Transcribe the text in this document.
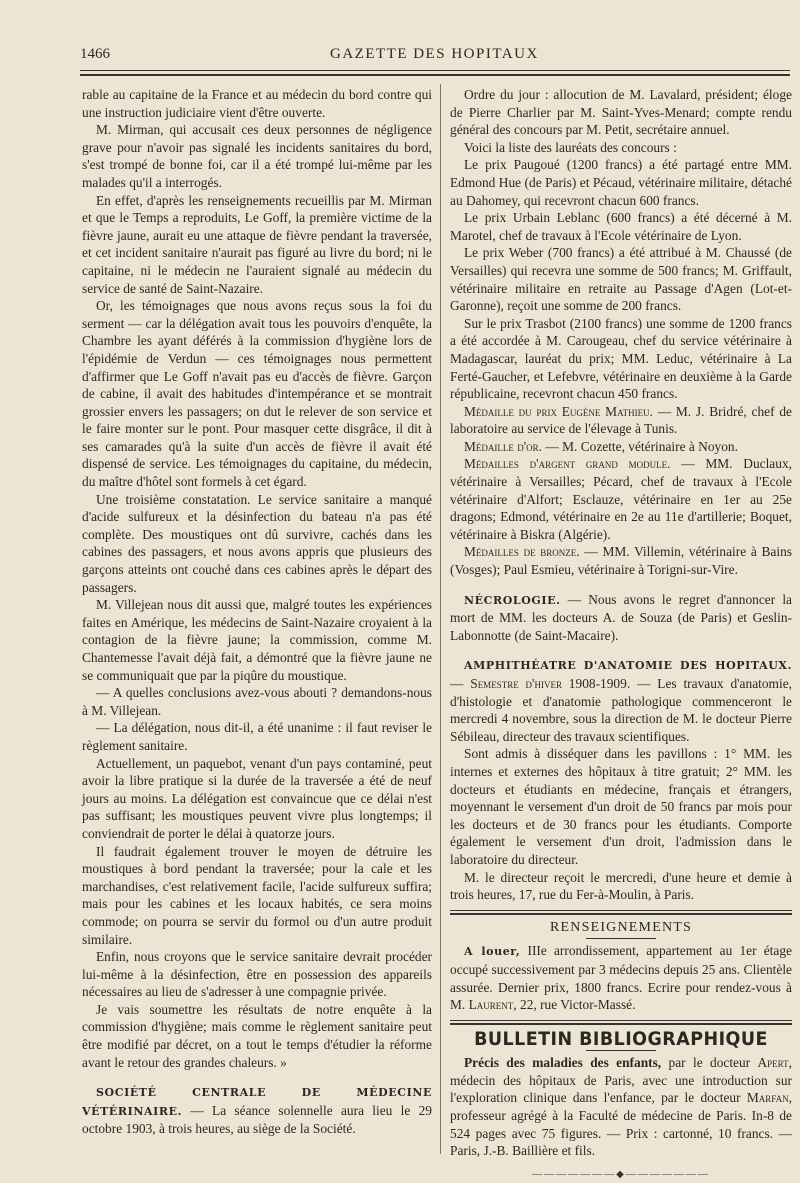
1466	GAZETTE DES HOPITAUX

rable au capitaine de la France et au médecin du bord contre qui une instruction judiciaire vient d'être ouverte.

M. Mirman, qui accusait ces deux personnes de négligence grave pour n'avoir pas signalé les incidents sanitaires du bord, s'est trompé de bonne foi, car il a été trompé lui-même par les malades qu'il a interrogés.

En effet, d'après les renseignements recueillis par M. Mirman et que le Temps a reproduits, Le Goff, la première victime de la fièvre jaune, aurait eu une attaque de fièvre pendant la traversée, et cet incident sanitaire n'aurait pas figuré au livre du bord; ni le capitaine, ni le médecin ne l'auraient signalé au médecin du service de santé de Saint-Nazaire.

Or, les témoignages que nous avons reçus sous la foi du serment — car la délégation avait tous les pouvoirs d'enquête, la Chambre les ayant déférés à la commission d'hygiène lors de l'épidémie de Verdun — ces témoignages nous permettent d'affirmer que Le Goff n'avait pas eu d'accès de fièvre. Garçon de cabine, il avait des habitudes d'intempérance et se montrait grossier envers les passagers; on dut le relever de son service et le faire monter sur le pont. Pour masquer cette disgrâce, il dit à ses camarades qu'à la suite d'un accès de fièvre il avait été dispensé de service. Les témoignages du capitaine, du médecin, du maître d'hôtel sont formels à cet égard.

Une troisième constatation. Le service sanitaire a manqué d'acide sulfureux et la désinfection du bateau n'a pas été complète. Des moustiques ont dû survivre, cachés dans les cabines des passagers, et nous avons appris que plusieurs des garçons atteints ont couché dans ces cabines après le départ des passagers.

M. Villejean nous dit aussi que, malgré toutes les expériences faites en Amérique, les médecins de Saint-Nazaire croyaient à la contagion de la fièvre jaune; la commission, comme M. Chantemesse l'avait déjà fait, a démontré que la fièvre jaune ne se communiquait que par la piqûre du moustique.

— A quelles conclusions avez-vous abouti ? demandons-nous à M. Villejean.

— La délégation, nous dit-il, a été unanime : il faut reviser le règlement sanitaire.

Actuellement, un paquebot, venant d'un pays contaminé, peut avoir la libre pratique si la durée de la traversée a été de neuf jours au moins. La délégation est convaincue que ce délai n'est pas suffisant; les moustiques peuvent vivre plus longtemps; il conviendrait de porter le délai à quatorze jours.

Il faudrait également trouver le moyen de détruire les moustiques à bord pendant la traversée; pour la cale et les marchandises, c'est relativement facile, l'acide sulfureux suffira; mais pour les cabines et les locaux habités, ce sera moins commode; on pourra se servir du formol ou d'un autre produit similaire.

Enfin, nous croyons que le service sanitaire devrait procéder lui-même à la désinfection, être en possession des appareils nécessaires au lieu de s'adresser à une compagnie privée.

Je vais soumettre les résultats de notre enquête à la commission d'hygiène; mais comme le règlement sanitaire peut être modifié par décret, on a tout le temps d'étudier la réforme avant le retour des grandes chaleurs. »

SOCIÉTÉ CENTRALE DE MÉDECINE VÉTÉRINAIRE. — La séance solennelle aura lieu le 29 octobre 1903, à trois heures, au siège de la Société.

Ordre du jour : allocution de M. Lavalard, président; éloge de Pierre Charlier par M. Saint-Yves-Menard; compte rendu général des concours par M. Petit, secrétaire annuel.

Voici la liste des lauréats des concours :

Le prix Paugoué (1200 francs) a été partagé entre MM. Edmond Hue (de Paris) et Pécaud, vétérinaire militaire, détaché au Dahomey, qui recevront chacun 600 francs.

Le prix Urbain Leblanc (600 francs) a été décerné à M. Marotel, chef de travaux à l'Ecole vétérinaire de Lyon.

Le prix Weber (700 francs) a été attribué à M. Chaussé (de Versailles) qui recevra une somme de 500 francs; M. Griffault, vétérinaire militaire en retraite au Passage d'Agen (Lot-et-Garonne), reçoit une somme de 200 francs.

Sur le prix Trasbot (2100 francs) une somme de 1200 francs a été accordée à M. Carougeau, chef du service vétérinaire à Madagascar, lauréat du prix; MM. Leduc, vétérinaire à La Ferté-Gaucher, et Lefebvre, vétérinaire en deuxième à la Garde républicaine, recevront chacun 450 francs.

Médaille du prix Eugène Mathieu. — M. J. Bridré, chef de laboratoire au service de l'élevage à Tunis.

Médaille d'or. — M. Cozette, vétérinaire à Noyon.

Médailles d'argent grand module. — MM. Duclaux, vétérinaire à Versailles; Pécard, chef de travaux à l'Ecole vétérinaire d'Alfort; Esclauze, vétérinaire en 1er au 25e dragons; Edmond, vétérinaire en 2e au 11e d'artillerie; Boquet, vétérinaire à Biskra (Algérie).

Médailles de bronze. — MM. Villemin, vétérinaire à Bains (Vosges); Paul Esmieu, vétérinaire à Torigni-sur-Vire.

NÉCROLOGIE. — Nous avons le regret d'annoncer la mort de MM. les docteurs A. de Souza (de Paris) et Geslin-Labonnotte (de Saint-Macaire).

AMPHITHÉATRE D'ANATOMIE DES HOPITAUX. — Semestre d'hiver 1908-1909. — Les travaux d'anatomie, d'histologie et d'anatomie pathologique commenceront le mercredi 4 novembre, sous la direction de M. le docteur Pierre Sébileau, directeur des travaux scientifiques.

Sont admis à disséquer dans les pavillons : 1° MM. les internes et externes des hôpitaux à titre gratuit; 2° MM. les docteurs et étudiants en médecine, français et étrangers, moyennant le versement d'un droit de 50 francs par mois pour les docteurs et de 30 francs pour les étudiants. Comporte également le versement d'un droit, l'admission dans le laboratoire du directeur.

M. le directeur reçoit le mercredi, d'une heure et demie à trois heures, 17, rue du Fer-à-Moulin, à Paris.

RENSEIGNEMENTS

A louer, IIIe arrondissement, appartement au 1er étage occupé successivement par 3 médecins depuis 25 ans. Clientèle assurée. Dernier prix, 1800 francs. Ecrire pour rendez-vous à M. Laurent, 22, rue Victor-Massé.

BULLETIN BIBLIOGRAPHIQUE

Précis des maladies des enfants, par le docteur Apert, médecin des hôpitaux de Paris, avec une introduction sur l'exploration clinique dans l'enfance, par le docteur Marfan, professeur agrégé à la Faculté de médecine de Paris. In-8 de 524 pages avec 75 figures. — Prix : cartonné, 10 francs. — Paris, J.-B. Baillière et fils.

———————◆———————
